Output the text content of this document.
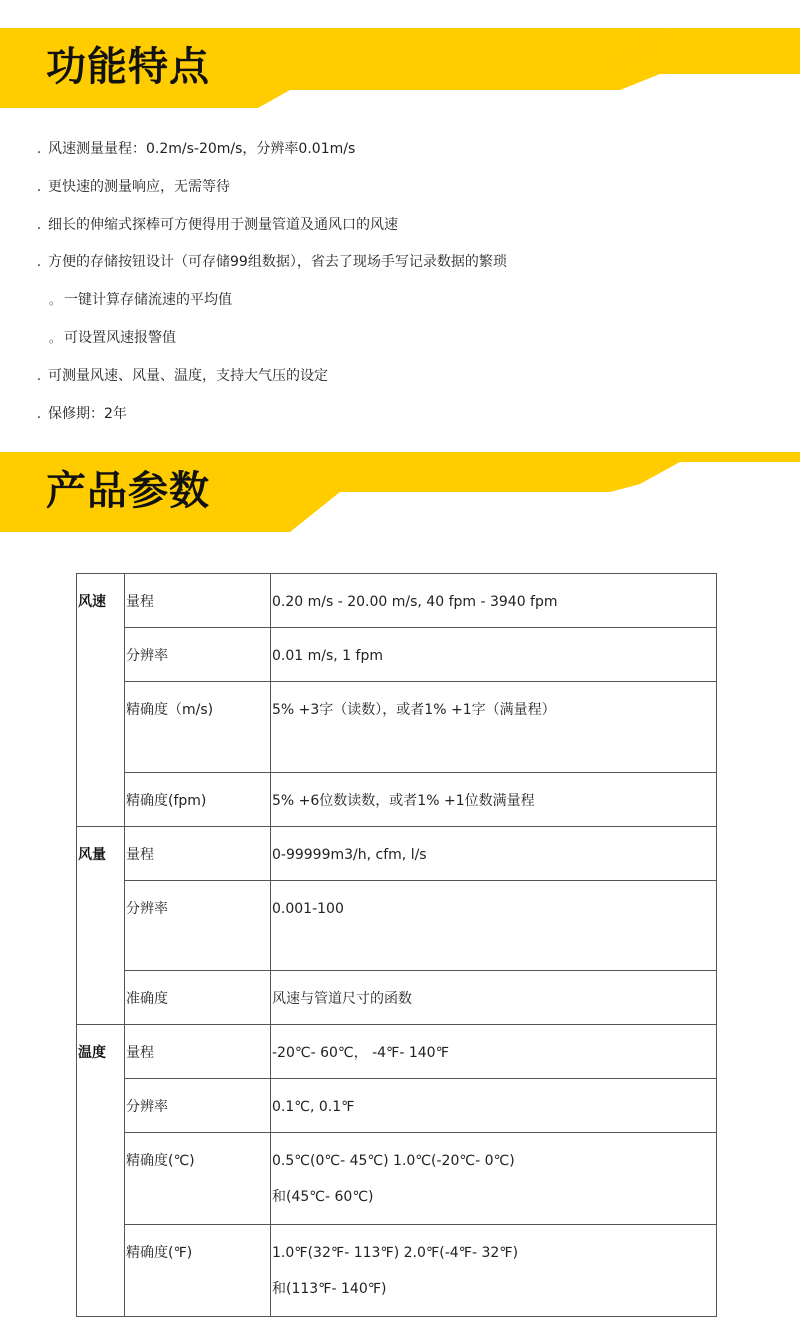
功能特点
. 风速测量量程：0.2m/s-20m/s，分辨率0.01m/s
. 更快速的测量响应，无需等待
. 细长的伸缩式探棒可方便得用于测量管道及通风口的风速
. 方便的存储按钮设计（可存储99组数据），省去了现场手写记录数据的繁琐
。 一键计算存储流速的平均值
。 可设置风速报警值
. 可测量风速、风量、温度，支持大气压的设定
. 保修期：2年
产品参数
风速	量程	0.20 m/s - 20.00 m/s, 40 fpm - 3940 fpm

	分辨率	0.01 m/s, 1 fpm

	精确度（m/s)	5% +3字（读数），或者1% +1字（满量程）

	精确度(fpm)	5% +6位数读数，或者1% +1位数满量程

风量	量程	0-99999m3/h, cfm, l/s

	分辨率	0.001-100

	准确度	风速与管道尺寸的函数

温度	量程	-20℃- 60℃， -4℉- 140℉

	分辨率	0.1℃, 0.1℉

	精确度(℃)	0.5℃(0℃- 45℃) 1.0℃(-20℃- 0℃)
和(45℃- 60℃)

	精确度(℉)	1.0℉(32℉- 113℉) 2.0℉(-4℉- 32℉)
和(113℉- 140℉)
